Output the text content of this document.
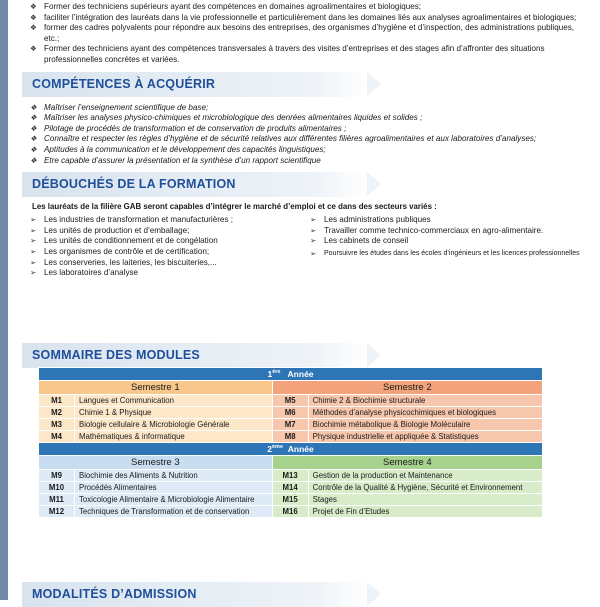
❖ Former des techniciens supérieurs ayant des compétences en domaines agroalimentaires et biologiques;
❖ faciliter l’intégration des lauréats dans la vie professionnelle et particulièrement dans les domaines liés aux analyses agroalimentaires et biologiques;
❖ former des cadres polyvalents pour répondre aux besoins des entreprises, des organismes d’hygiène et d’inspection, des administrations publiques, etc.;
❖ Former des techniciens ayant des compétences transversales à travers des visites d’entreprises et des stages afin d’affronter des situations professionnelles concrètes et variées.
COMPÉTENCES À ACQUÉRIR
❖ Maîtriser l’enseignement scientifique de base;
❖ Maîtriser les analyses physico-chimiques et microbiologique des denrées alimentaires liquides et solides ;
❖ Pilotage de procédés de transformation et de conservation de produits alimentaires ;
❖ Connaître et respecter les règles d’hygiène et de sécurité relatives aux différentes filières agroalimentaires et aux laboratoires d’analyses;
❖ Aptitudes à la communication et le développement des capacités linguistiques;
❖ Etre capable d’assurer la présentation et la synthèse d’un rapport scientifique
DÉBOUCHÉS DE LA FORMATION

Les lauréats de la filière GAB seront capables d’intégrer le marché d’emploi et ce dans des secteurs variés :

➢ Les industries de transformation et manufacturières ;
➢ Les unités de production et d’emballage;
➢ Les unités de conditionnement et de congélation
➢ Les organismes de contrôle et de certification;
➢ Les conserveries, les laiteries, les biscuiteries,...
➢ Les laboratoires d’analyse
➢ Les administrations publiques
➢ Travailler comme technico-commerciaux en agro-alimentaire.
➢ Les cabinets de conseil
➢ Poursuivre les études dans les écoles d’ingénieurs et les licences professionnelles
SOMMAIRE DES MODULES
1ère Année			
Semestre 1		Semestre 2	
M1	Langues et Communication	M5	Chimie 2 & Biochimie structurale
M2	Chimie 1 & Physique	M6	Méthodes d’analyse physicochimiques et biologiques
M3	Biologie cellulaire & Microbiologie Générale	M7	Biochimie métabolique & Biologie Moléculaire
M4	Mathématiques & informatique	M8	Physique industrielle et appliquée & Statistiques
2ème Année			
Semestre 3		Semestre 4	
M9	Biochimie des Aliments & Nutrition	M13	Gestion de la production et Maintenance
M10	Procédés Alimentaires	M14	Contrôle de la Qualité & Hygiène, Sécurité et Environnement
M11	Toxicologie Alimentaire & Microbiologie Alimentaire	M15	Stages
M12	Techniques de Transformation et de conservation	M16	Projet de Fin d’Etudes
MODALITÉS D’ADMISSION
